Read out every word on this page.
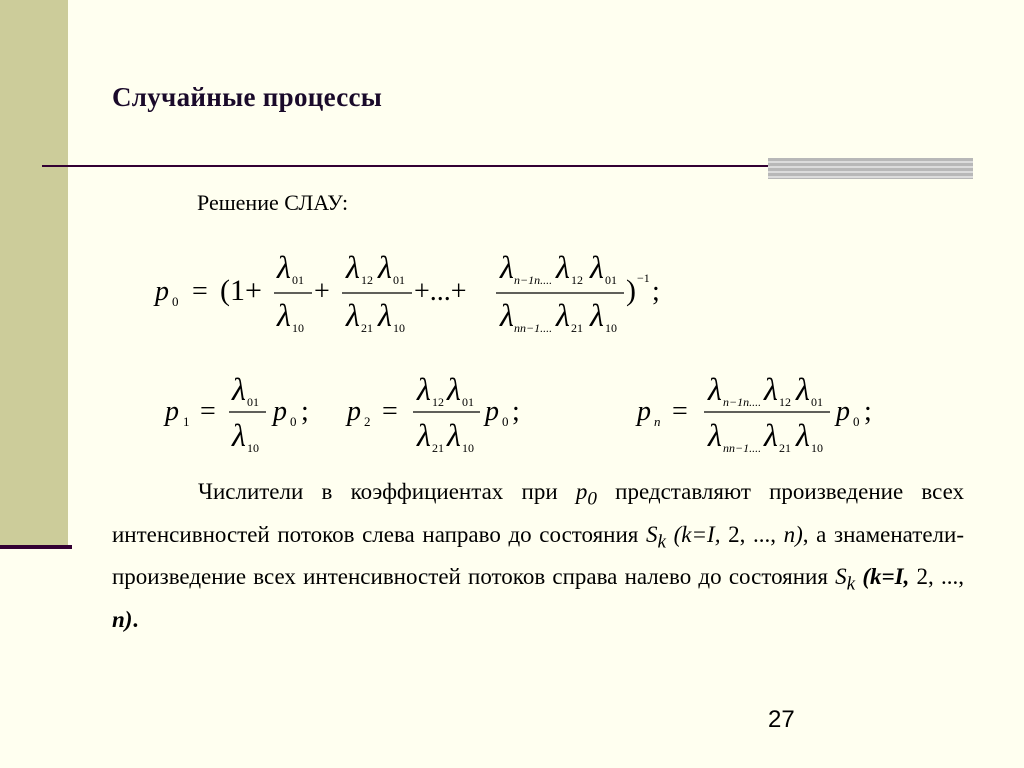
Случайные процессы
Решение СЛАУ:
p 0 = (1+
λ 01
λ 10
+
λ 12 λ 01
λ 21 λ 10
+...+
λ n−1n.... λ 12 λ 01
λ nn−1.... λ 21 λ 10
) −1 ;
p 1 =
λ 01
λ 10
p 0 ; p 2 =
λ 12 λ 01
λ 21 λ 10
p 0 ;	p n =
λ n−1n.... λ 12 λ 01
λ nn−1.... λ 21 λ 10
p 0 ;
Числители в коэффициентах при $p_0$ представляют произведение всех интенсивностей потоков слева направо до состояния $S_k$ (k=I, 2, ..., n), а знаменатели- произведение всех интенсивностей потоков справа налево до состояния $S_k$ (k=I, 2, ..., n).
27
